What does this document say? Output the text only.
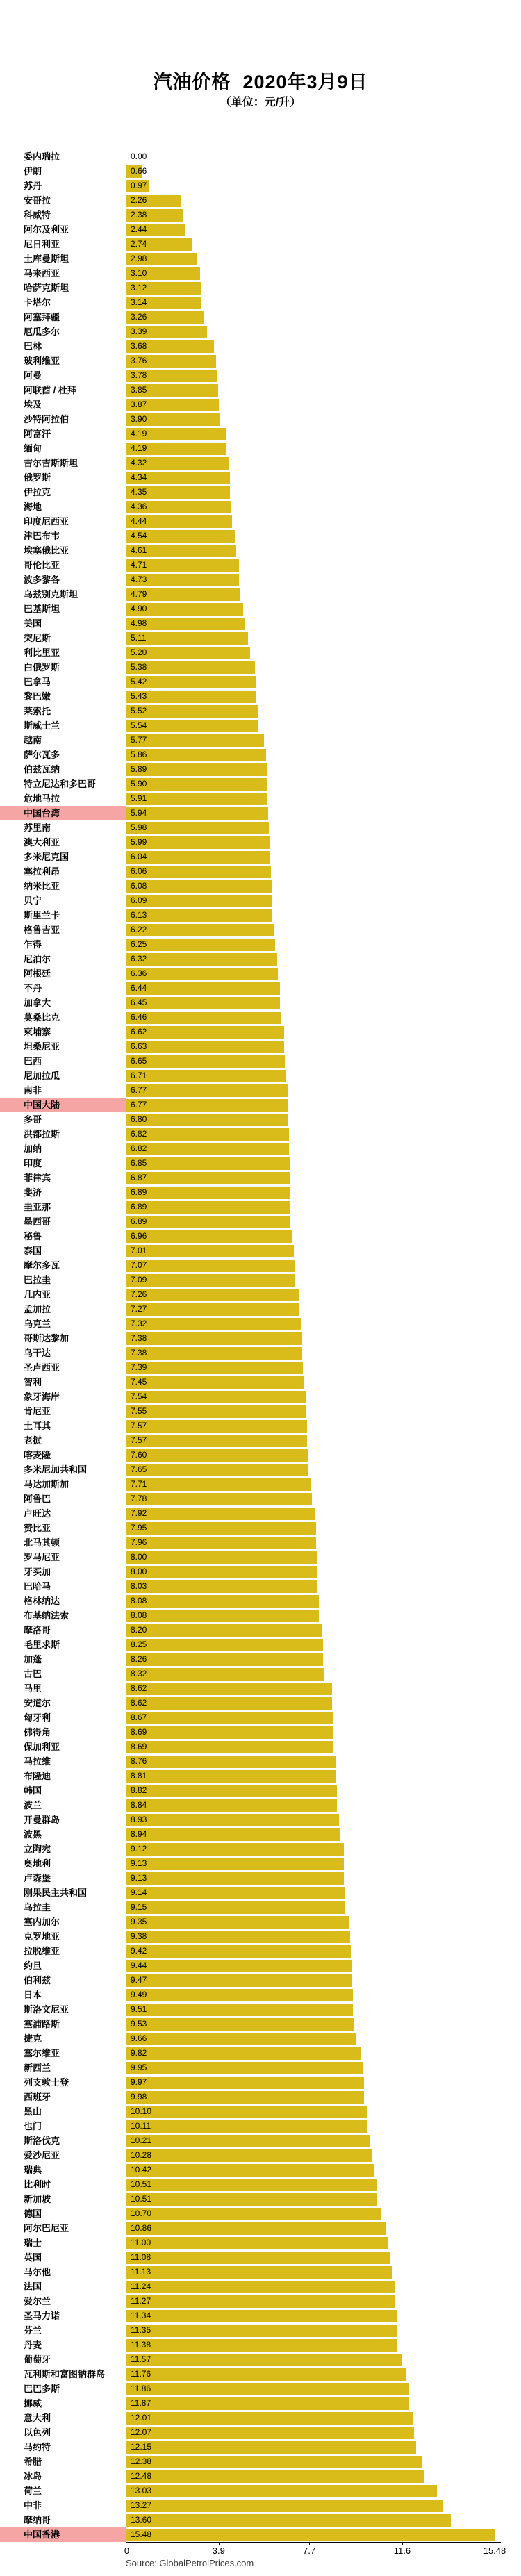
汽油价格  2020年3月9日
（单位：元/升）
委内瑞拉	0.00
伊朗	0.66
苏丹	0.97
安哥拉	2.26
科威特	2.38
阿尔及利亚	2.44
尼日利亚	2.74
土库曼斯坦	2.98
马来西亚	3.10
哈萨克斯坦	3.12
卡塔尔	3.14
阿塞拜疆	3.26
厄瓜多尔	3.39
巴林	3.68
玻利维亚	3.76
阿曼	3.78
阿联酋 / 杜拜	3.85
埃及	3.87
沙特阿拉伯	3.90
阿富汗	4.19
缅甸	4.19
吉尔吉斯斯坦	4.32
俄罗斯	4.34
伊拉克	4.35
海地	4.36
印度尼西亚	4.44
津巴布韦	4.54
埃塞俄比亚	4.61
哥伦比亚	4.71
波多黎各	4.73
乌兹别克斯坦	4.79
巴基斯坦	4.90
美国	4.98
突尼斯	5.11
利比里亚	5.20
白俄罗斯	5.38
巴拿马	5.42
黎巴嫩	5.43
莱索托	5.52
斯威士兰	5.54
越南	5.77
萨尔瓦多	5.86
伯兹瓦纳	5.89
特立尼达和多巴哥	5.90
危地马拉	5.91
中国台湾	5.94
苏里南	5.98
澳大利亚	5.99
多米尼克国	6.04
塞拉利昂	6.06
纳米比亚	6.08
贝宁	6.09
斯里兰卡	6.13
格鲁吉亚	6.22
乍得	6.25
尼泊尔	6.32
阿根廷	6.36
不丹	6.44
加拿大	6.45
莫桑比克	6.46
柬埔寨	6.62
坦桑尼亚	6.63
巴西	6.65
尼加拉瓜	6.71
南非	6.77
中国大陆	6.77
多哥	6.80
洪都拉斯	6.82
加纳	6.82
印度	6.85
菲律宾	6.87
斐济	6.89
圭亚那	6.89
墨西哥	6.89
秘鲁	6.96
泰国	7.01
摩尔多瓦	7.07
巴拉圭	7.09
几内亚	7.26
孟加拉	7.27
乌克兰	7.32
哥斯达黎加	7.38
乌干达	7.38
圣卢西亚	7.39
智利	7.45
象牙海岸	7.54
肯尼亚	7.55
土耳其	7.57
老挝	7.57
喀麦隆	7.60
多米尼加共和国	7.65
马达加斯加	7.71
阿鲁巴	7.78
卢旺达	7.92
赞比亚	7.95
北马其顿	7.96
罗马尼亚	8.00
牙买加	8.00
巴哈马	8.03
格林纳达	8.08
布基纳法索	8.08
摩洛哥	8.20
毛里求斯	8.25
加蓬	8.26
古巴	8.32
马里	8.62
安道尔	8.62
匈牙利	8.67
佛得角	8.69
保加利亚	8.69
马拉维	8.76
布隆迪	8.81
韩国	8.82
波兰	8.84
开曼群岛	8.93
波黑	8.94
立陶宛	9.12
奥地利	9.13
卢森堡	9.13
刚果民主共和国	9.14
乌拉圭	9.15
塞内加尔	9.35
克罗地亚	9.38
拉脱维亚	9.42
约旦	9.44
伯利兹	9.47
日本	9.49
斯洛文尼亚	9.51
塞浦路斯	9.53
捷克	9.66
塞尔维亚	9.82
新西兰	9.95
列支敦士登	9.97
西班牙	9.98
黑山	10.10
也门	10.11
斯洛伐克	10.21
爱沙尼亚	10.28
瑞典	10.42
比利时	10.51
新加坡	10.51
德国	10.70
阿尔巴尼亚	10.86
瑞士	11.00
英国	11.08
马尔他	11.13
法国	11.24
爱尔兰	11.27
圣马力诺	11.34
芬兰	11.35
丹麦	11.38
葡萄牙	11.57
瓦利斯和富图钠群岛	11.76
巴巴多斯	11.86
挪威	11.87
意大利	12.01
以色列	12.07
马约特	12.15
希腊	12.38
冰岛	12.48
荷兰	13.03
中非	13.27
摩纳哥	13.60
中国香港	15.48
0	3.9	7.7	11.6	15.48
Source: GlobalPetrolPrices.com
